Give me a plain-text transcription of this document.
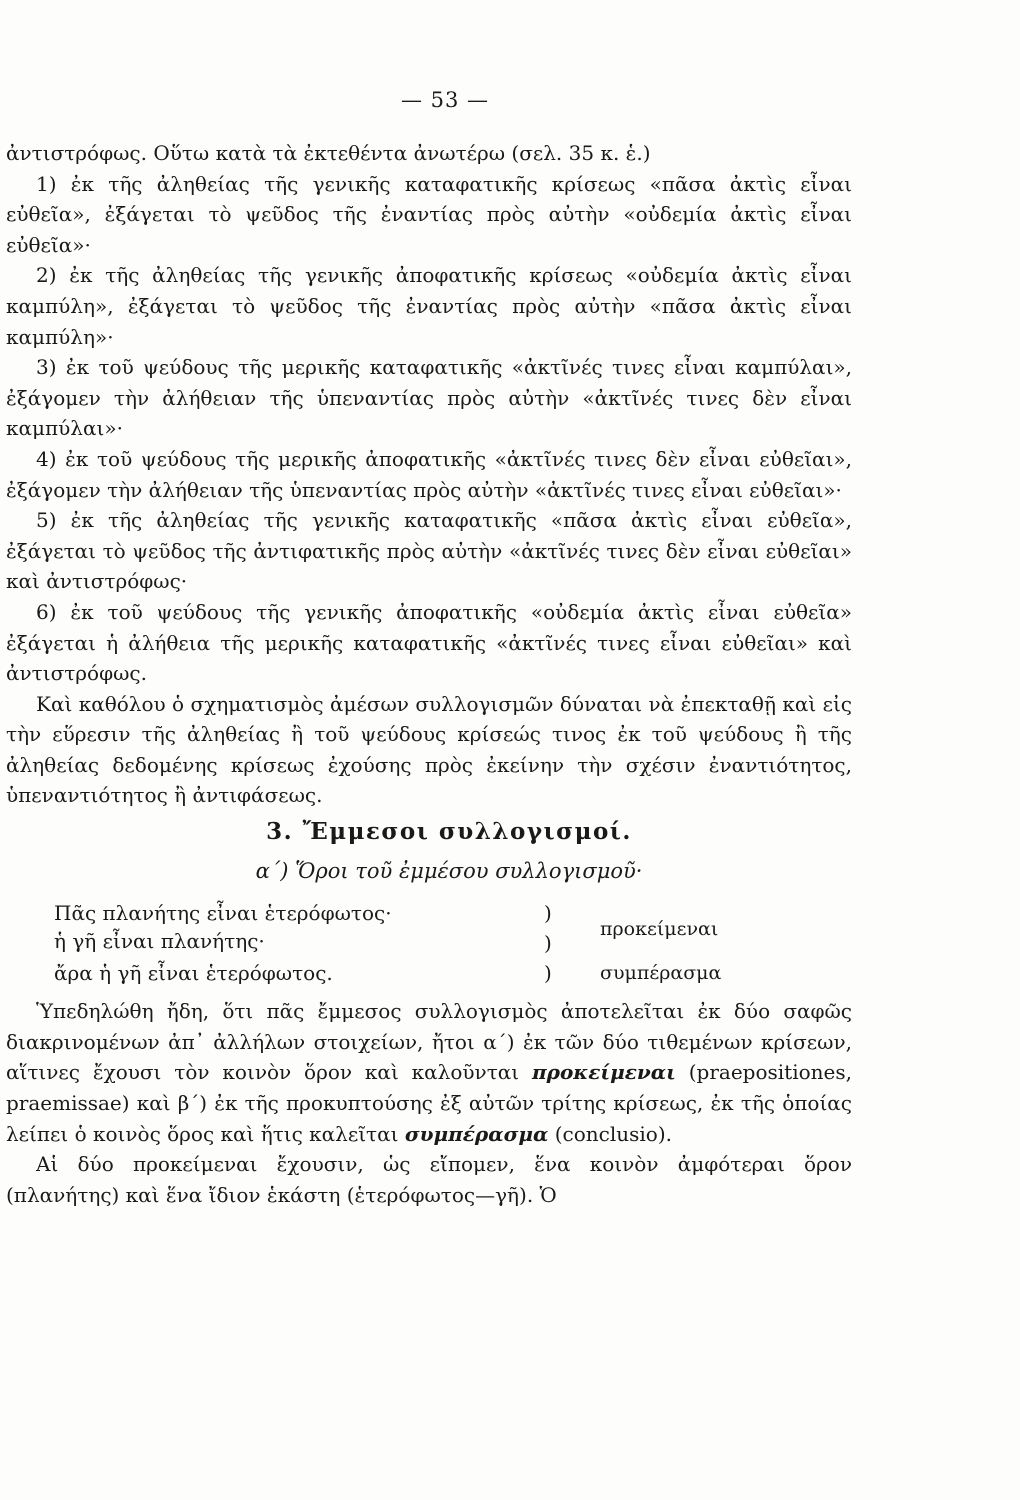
— 53 —

ἀντιστρόφως. Οὕτω κατὰ τὰ ἐκτεθέντα ἀνωτέρω (σελ. 35 κ. ἑ.)

1) ἐκ τῆς ἀληθείας τῆς γενικῆς καταφατικῆς κρίσεως «πᾶσα ἀκτὶς εἶναι εὐθεῖα», ἐξάγεται τὸ ψεῦδος τῆς ἐναντίας πρὸς αὐτὴν «οὐδεμία ἀκτὶς εἶναι εὐθεῖα»·

2) ἐκ τῆς ἀληθείας τῆς γενικῆς ἀποφατικῆς κρίσεως «οὐδεμία ἀκτὶς εἶναι καμπύλη», ἐξάγεται τὸ ψεῦδος τῆς ἐναντίας πρὸς αὐτὴν «πᾶσα ἀκτὶς εἶναι καμπύλη»·

3) ἐκ τοῦ ψεύδους τῆς μερικῆς καταφατικῆς «ἀκτῖνές τινες εἶναι καμπύλαι», ἐξάγομεν τὴν ἀλήθειαν τῆς ὑπεναντίας πρὸς αὐτὴν «ἀκτῖνές τινες δὲν εἶναι καμπύλαι»·

4) ἐκ τοῦ ψεύδους τῆς μερικῆς ἀποφατικῆς «ἀκτῖνές τινες δὲν εἶναι εὐθεῖαι», ἐξάγομεν τὴν ἀλήθειαν τῆς ὑπεναντίας πρὸς αὐτὴν «ἀκτῖνές τινες εἶναι εὐθεῖαι»·

5) ἐκ τῆς ἀληθείας τῆς γενικῆς καταφατικῆς «πᾶσα ἀκτὶς εἶναι εὐθεῖα», ἐξάγεται τὸ ψεῦδος τῆς ἀντιφατικῆς πρὸς αὐτὴν «ἀκτῖνές τινες δὲν εἶναι εὐθεῖαι» καὶ ἀντιστρόφως·

6) ἐκ τοῦ ψεύδους τῆς γενικῆς ἀποφατικῆς «οὐδεμία ἀκτὶς εἶναι εὐθεῖα» ἐξάγεται ἡ ἀλήθεια τῆς μερικῆς καταφατικῆς «ἀκτῖνές τινες εἶναι εὐθεῖαι» καὶ ἀντιστρόφως.

Καὶ καθόλου ὁ σχηματισμὸς ἀμέσων συλλογισμῶν δύναται νὰ ἐπεκταθῇ καὶ εἰς τὴν εὕρεσιν τῆς ἀληθείας ἢ τοῦ ψεύδους κρίσεώς τινος ἐκ τοῦ ψεύδους ἢ τῆς ἀληθείας δεδομένης κρίσεως ἐχούσης πρὸς ἐκείνην τὴν σχέσιν ἐναντιότητος, ὑπεναντιότητος ἢ ἀντιφάσεως.

3. Ἔμμεσοι συλλογισμοί.

α΄) Ὅροι τοῦ ἐμμέσου συλλογισμοῦ·

Πᾶς πλανήτης εἶναι ἑτερόφωτος·
ἡ γῆ εἶναι πλανήτης·
ἄρα ἡ γῆ εἶναι ἑτερόφωτος.
)
)
)
προκείμεναι
συμπέρασμα

Ὑπεδηλώθη ἤδη, ὅτι πᾶς ἔμμεσος συλλογισμὸς ἀποτελεῖται ἐκ δύο σαφῶς διακρινομένων ἀπ᾽ ἀλλήλων στοιχείων, ἤτοι α΄) ἐκ τῶν δύο τιθεμένων κρίσεων, αἵτινες ἔχουσι τὸν κοινὸν ὅρον καὶ καλοῦνται προκείμεναι (praepositiones, praemissae) καὶ β΄) ἐκ τῆς προκυπτούσης ἐξ αὐτῶν τρίτης κρίσεως, ἐκ τῆς ὁποίας λείπει ὁ κοινὸς ὅρος καὶ ἥτις καλεῖται συμπέρασμα (conclusio).

Αἱ δύο προκείμεναι ἔχουσιν, ὡς εἴπομεν, ἕνα κοινὸν ἀμφότεραι ὅρον (πλανήτης) καὶ ἕνα ἴδιον ἑκάστη (ἑτερόφωτος—γῆ). Ὁ
